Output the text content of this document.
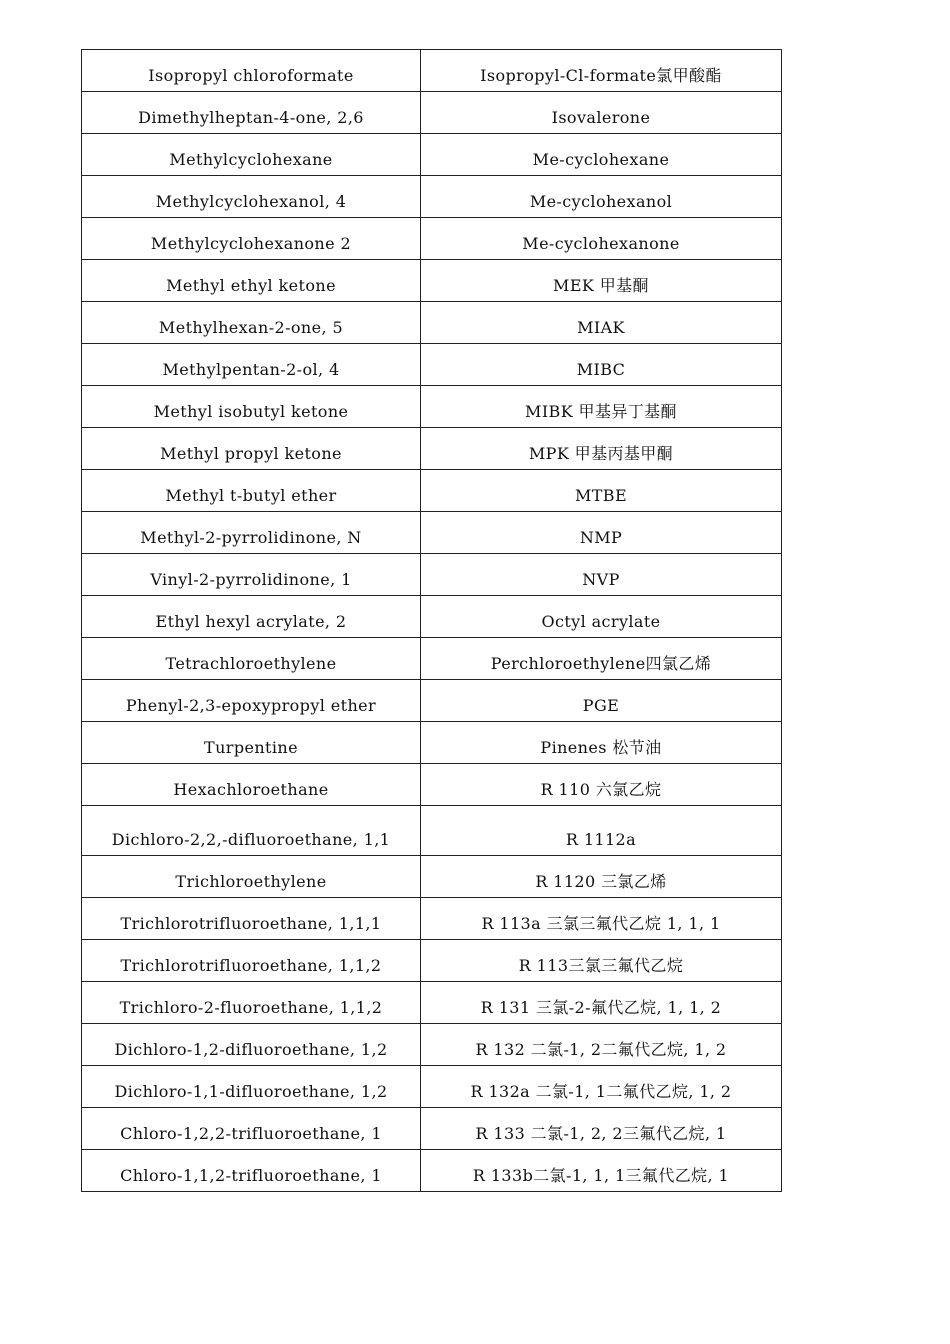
Isopropyl chloroformate	Isopropyl-Cl-formate氯甲酸酯
Dimethylheptan-4-one, 2,6	Isovalerone
Methylcyclohexane	Me-cyclohexane
Methylcyclohexanol, 4	Me-cyclohexanol
Methylcyclohexanone 2	Me-cyclohexanone
Methyl ethyl ketone	MEK 甲基酮
Methylhexan-2-one, 5	MIAK
Methylpentan-2-ol, 4	MIBC
Methyl isobutyl ketone	MIBK 甲基异丁基酮
Methyl propyl ketone	MPK 甲基丙基甲酮
Methyl t-butyl ether	MTBE
Methyl-2-pyrrolidinone, N	NMP
Vinyl-2-pyrrolidinone, 1	NVP
Ethyl hexyl acrylate, 2	Octyl acrylate
Tetrachloroethylene	Perchloroethylene四氯乙烯
Phenyl-2,3-epoxypropyl ether	PGE
Turpentine	Pinenes 松节油
Hexachloroethane	R 110 六氯乙烷
Dichloro-2,2,-difluoroethane, 1,1	R 1112a
Trichloroethylene	R 1120 三氯乙烯
Trichlorotrifluoroethane, 1,1,1	R 113a 三氯三氟代乙烷 1, 1, 1
Trichlorotrifluoroethane, 1,1,2	R 113三氯三氟代乙烷
Trichloro-2-fluoroethane, 1,1,2	R 131 三氯-2-氟代乙烷, 1, 1, 2
Dichloro-1,2-difluoroethane, 1,2	R 132 二氯-1, 2二氟代乙烷, 1, 2
Dichloro-1,1-difluoroethane, 1,2	R 132a 二氯-1, 1二氟代乙烷, 1, 2
Chloro-1,2,2-trifluoroethane, 1	R 133 二氯-1, 2, 2三氟代乙烷, 1
Chloro-1,1,2-trifluoroethane, 1	R 133b二氯-1, 1, 1三氟代乙烷, 1
